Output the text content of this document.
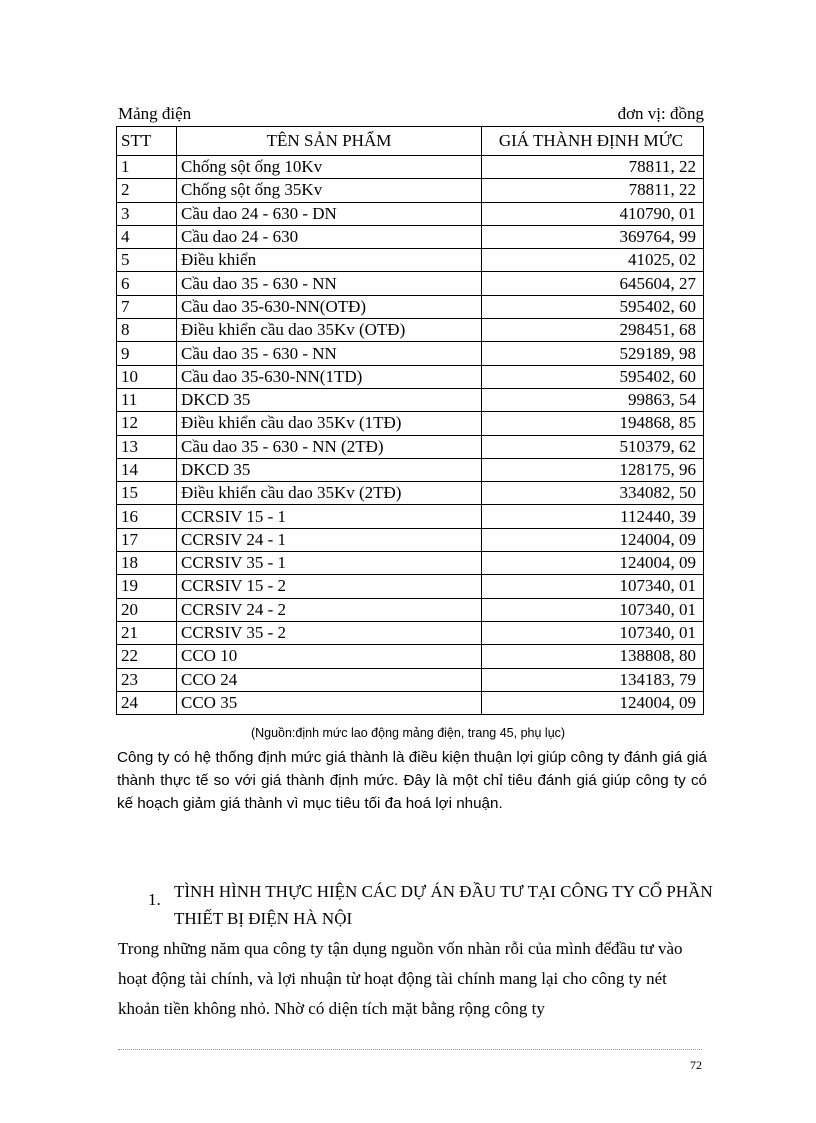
Mảng điện	đơn vị: đồng
STT	TÊN SẢN PHẨM	GIÁ THÀNH ĐỊNH MỨC
1	Chống sột ống 10Kv	78811, 22
2	Chống sột ống 35Kv	78811, 22
3	Cầu dao 24 - 630 - DN	410790, 01
4	Cầu dao 24 - 630	369764, 99
5	Điều khiển	41025, 02
6	Cầu dao 35 - 630 - NN	645604, 27
7	Cầu dao 35-630-NN(OTĐ)	595402, 60
8	Điều khiển cầu dao 35Kv (OTĐ)	298451, 68
9	Cầu dao 35 - 630 - NN	529189, 98
10	Cầu dao 35-630-NN(1TD)	595402, 60
11	DKCD 35	99863, 54
12	Điều khiển cầu dao 35Kv (1TĐ)	194868, 85
13	Cầu dao 35 - 630 - NN (2TĐ)	510379, 62
14	DKCD 35	128175, 96
15	Điều khiển cầu dao 35Kv (2TĐ)	334082, 50
16	CCRSIV 15 - 1	112440, 39
17	CCRSIV 24 - 1	124004, 09
18	CCRSIV 35 - 1	124004, 09
19	CCRSIV 15 - 2	107340, 01
20	CCRSIV 24 - 2	107340, 01
21	CCRSIV 35 - 2	107340, 01
22	CCO 10	138808, 80
23	CCO 24	134183, 79
24	CCO 35	124004, 09
(Nguồn:định mức lao động mảng điện, trang 45, phụ lục)
Công ty có hệ thống định mức giá thành là điều kiện thuận lợi giúp công ty đánh giá giá thành thực tế so với giá thành định mức. Đây là một chỉ tiêu đánh giá giúp công ty có kế hoạch giảm giá thành vì mục tiêu tối đa hoá lợi nhuận.
1. TÌNH HÌNH THỰC HIỆN CÁC DỰ ÁN ĐẦU TƯ TẠI CÔNG TY CỔ PHẦN THIẾT BỊ ĐIỆN HÀ NỘI
Trong những năm qua công ty tận dụng nguồn vốn nhàn rỗi của mình đểđầu tư vào hoạt động tài chính, và lợi nhuận từ hoạt động tài chính mang lại cho công ty nét khoản tiền không nhỏ. Nhờ có diện tích mặt bằng rộng công ty
72
